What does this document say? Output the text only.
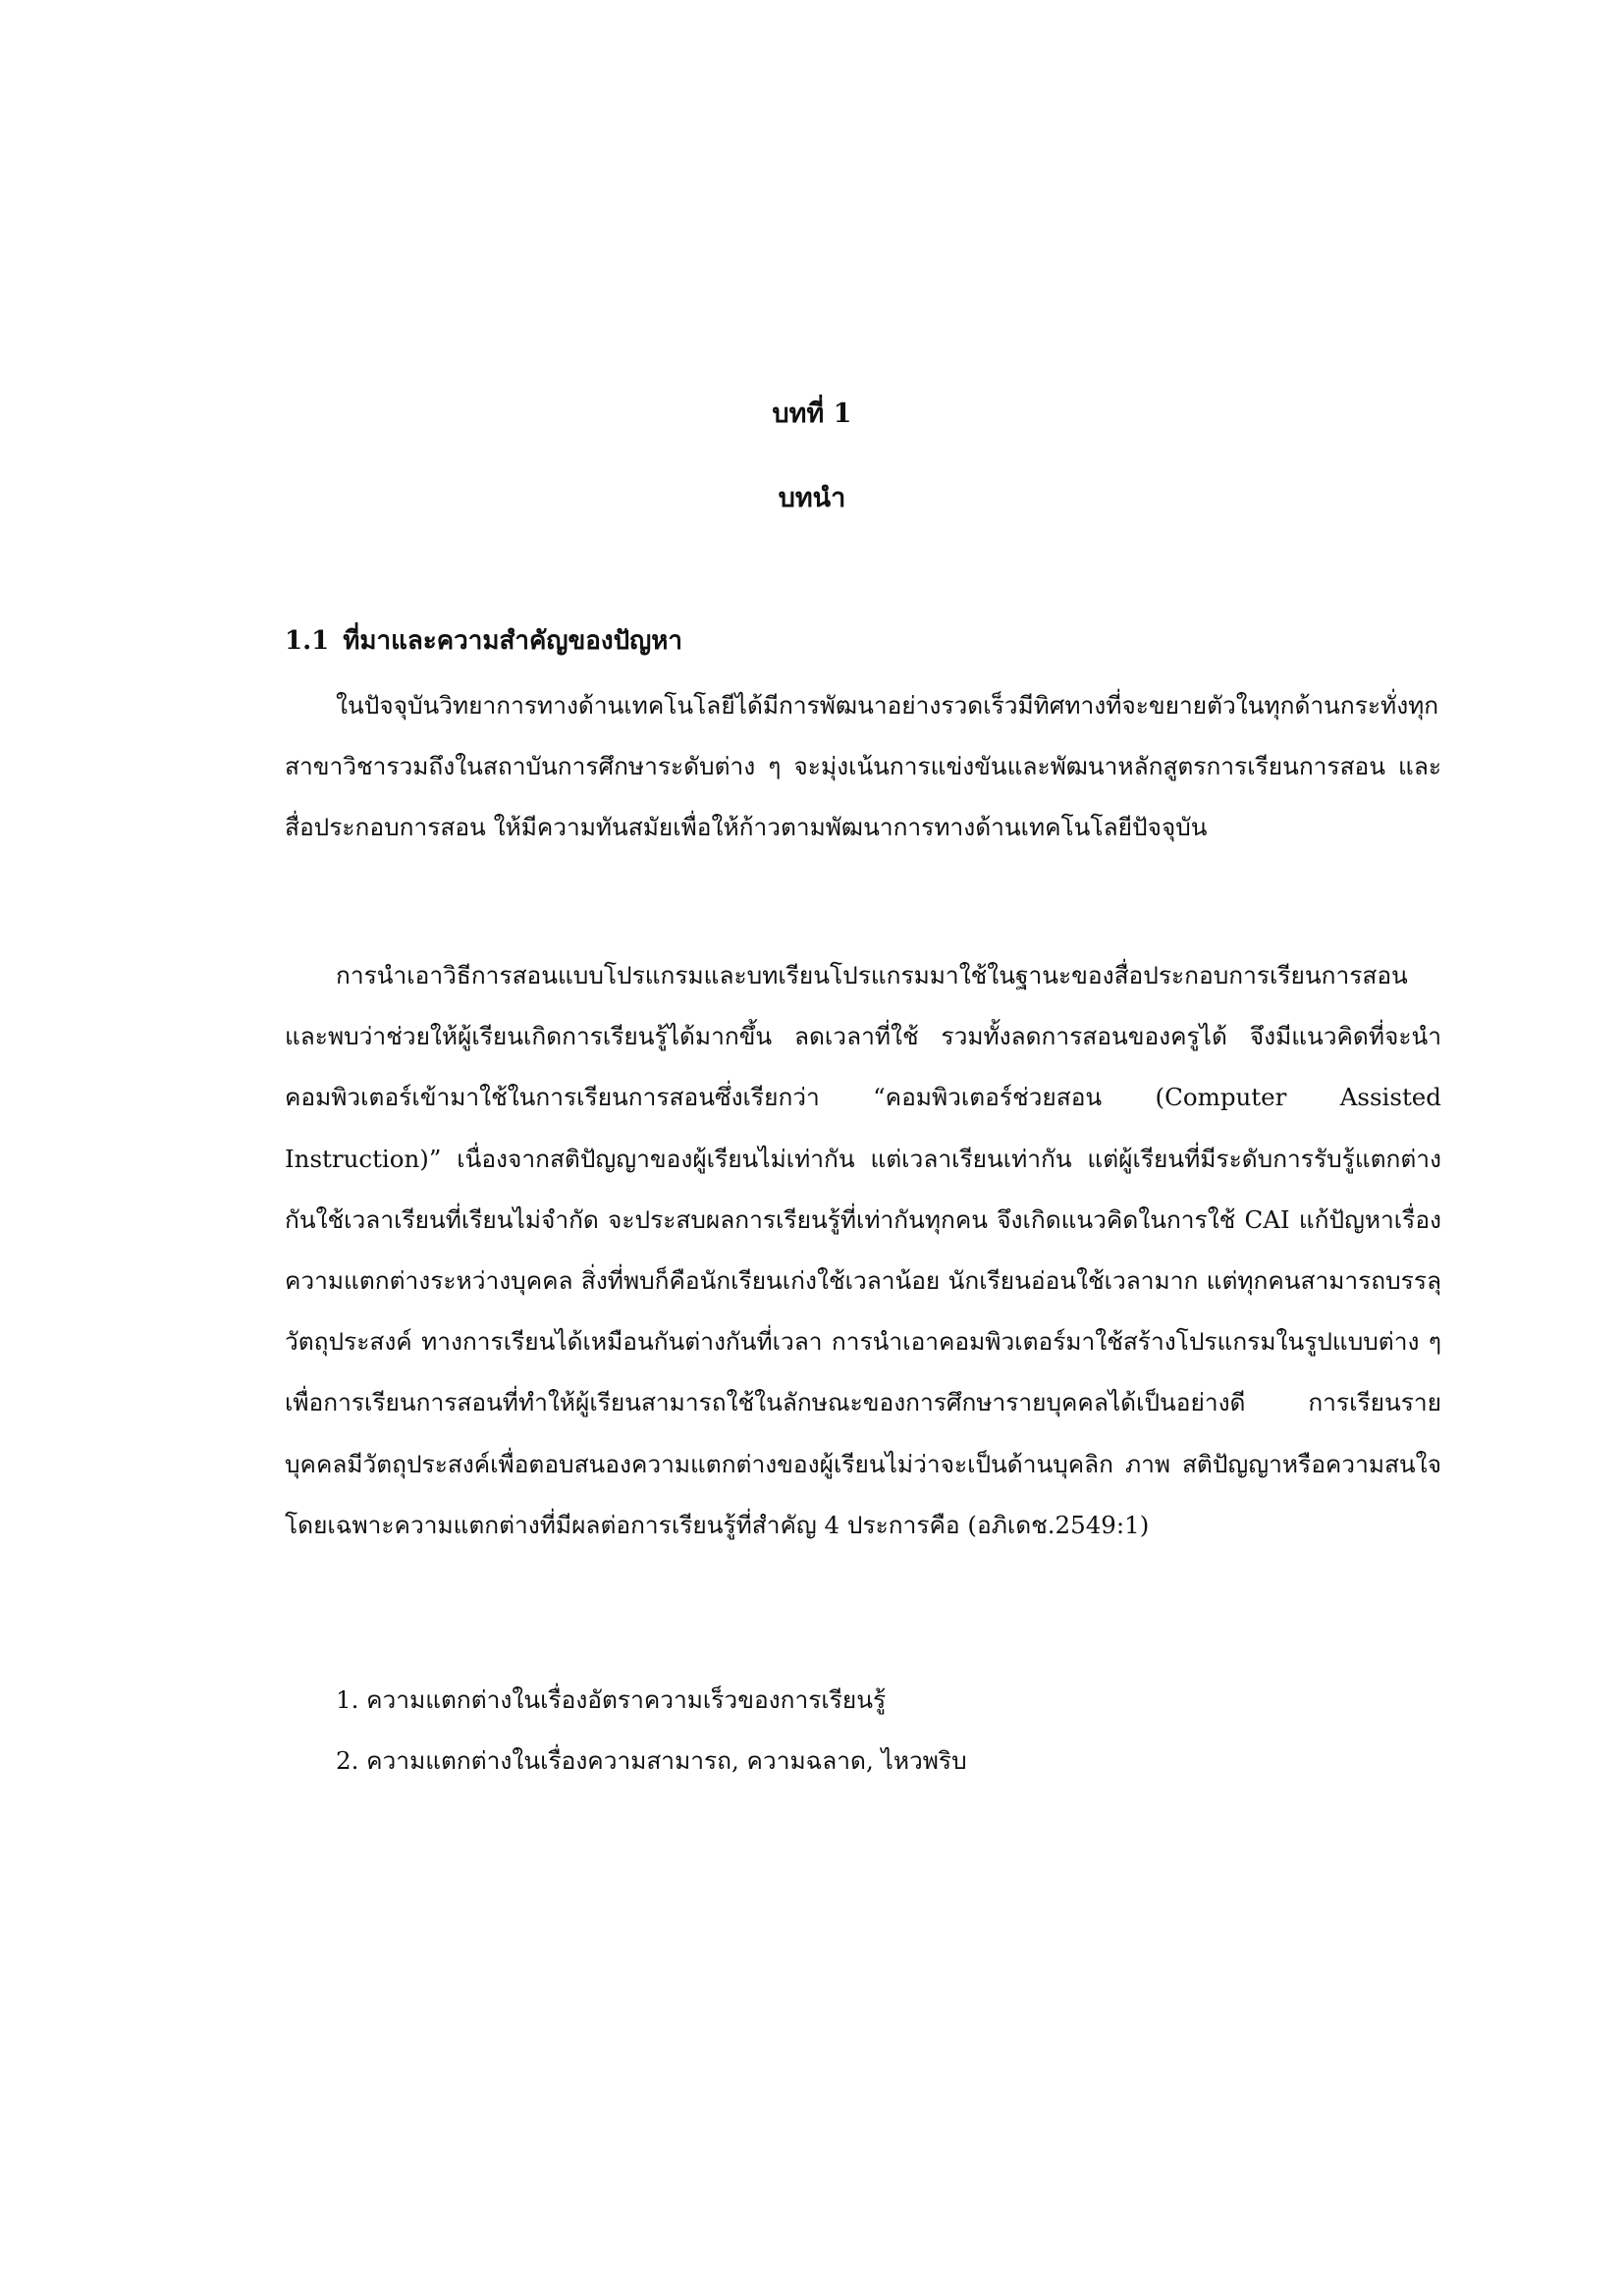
บทที่ 1
บทนำ
1.1 ที่มาและความสำคัญของปัญหา

ในปัจจุบันวิทยาการทางด้านเทคโนโลยีได้มีการพัฒนาอย่างรวดเร็วมีทิศทางที่จะขยายตัวในทุกด้านกระทั่งทุกสาขาวิชารวมถึงในสถาบันการศึกษาระดับต่าง ๆ จะมุ่งเน้นการแข่งขันและพัฒนาหลักสูตรการเรียนการสอน และสื่อประกอบการสอน ให้มีความทันสมัยเพื่อให้ก้าวตามพัฒนาการทางด้านเทคโนโลยีปัจจุบัน

การนำเอาวิธีการสอนแบบโปรแกรมและบทเรียนโปรแกรมมาใช้ในฐานะของสื่อประกอบการเรียนการสอน และพบว่าช่วยให้ผู้เรียนเกิดการเรียนรู้ได้มากขึ้น ลดเวลาที่ใช้ รวมทั้งลดการสอนของครูได้ จึงมีแนวคิดที่จะนำคอมพิวเตอร์เข้ามาใช้ในการเรียนการสอนซึ่งเรียกว่า “คอมพิวเตอร์ช่วยสอน (Computer Assisted Instruction)” เนื่องจากสติปัญญาของผู้เรียนไม่เท่ากัน แต่เวลาเรียนเท่ากัน แต่ผู้เรียนที่มีระดับการรับรู้แตกต่างกันใช้เวลาเรียนที่เรียนไม่จำกัด จะประสบผลการเรียนรู้ที่เท่ากันทุกคน จึงเกิดแนวคิดในการใช้ CAI แก้ปัญหาเรื่องความแตกต่างระหว่างบุคคล สิ่งที่พบก็คือนักเรียนเก่งใช้เวลาน้อย นักเรียนอ่อนใช้เวลามาก แต่ทุกคนสามารถบรรลุวัตถุประสงค์ ทางการเรียนได้เหมือนกันต่างกันที่เวลา การนำเอาคอมพิวเตอร์มาใช้สร้างโปรแกรมในรูปแบบต่าง ๆ เพื่อการเรียนการสอนที่ทำให้ผู้เรียนสามารถใช้ในลักษณะของการศึกษารายบุคคลได้เป็นอย่างดี การเรียนรายบุคคลมีวัตถุประสงค์เพื่อตอบสนองความแตกต่างของผู้เรียนไม่ว่าจะเป็นด้านบุคลิก ภาพ สติปัญญาหรือความสนใจ โดยเฉพาะความแตกต่างที่มีผลต่อการเรียนรู้ที่สำคัญ 4 ประการคือ (อภิเดช.2549:1)

1. ความแตกต่างในเรื่องอัตราความเร็วของการเรียนรู้

2. ความแตกต่างในเรื่องความสามารถ, ความฉลาด, ไหวพริบ
